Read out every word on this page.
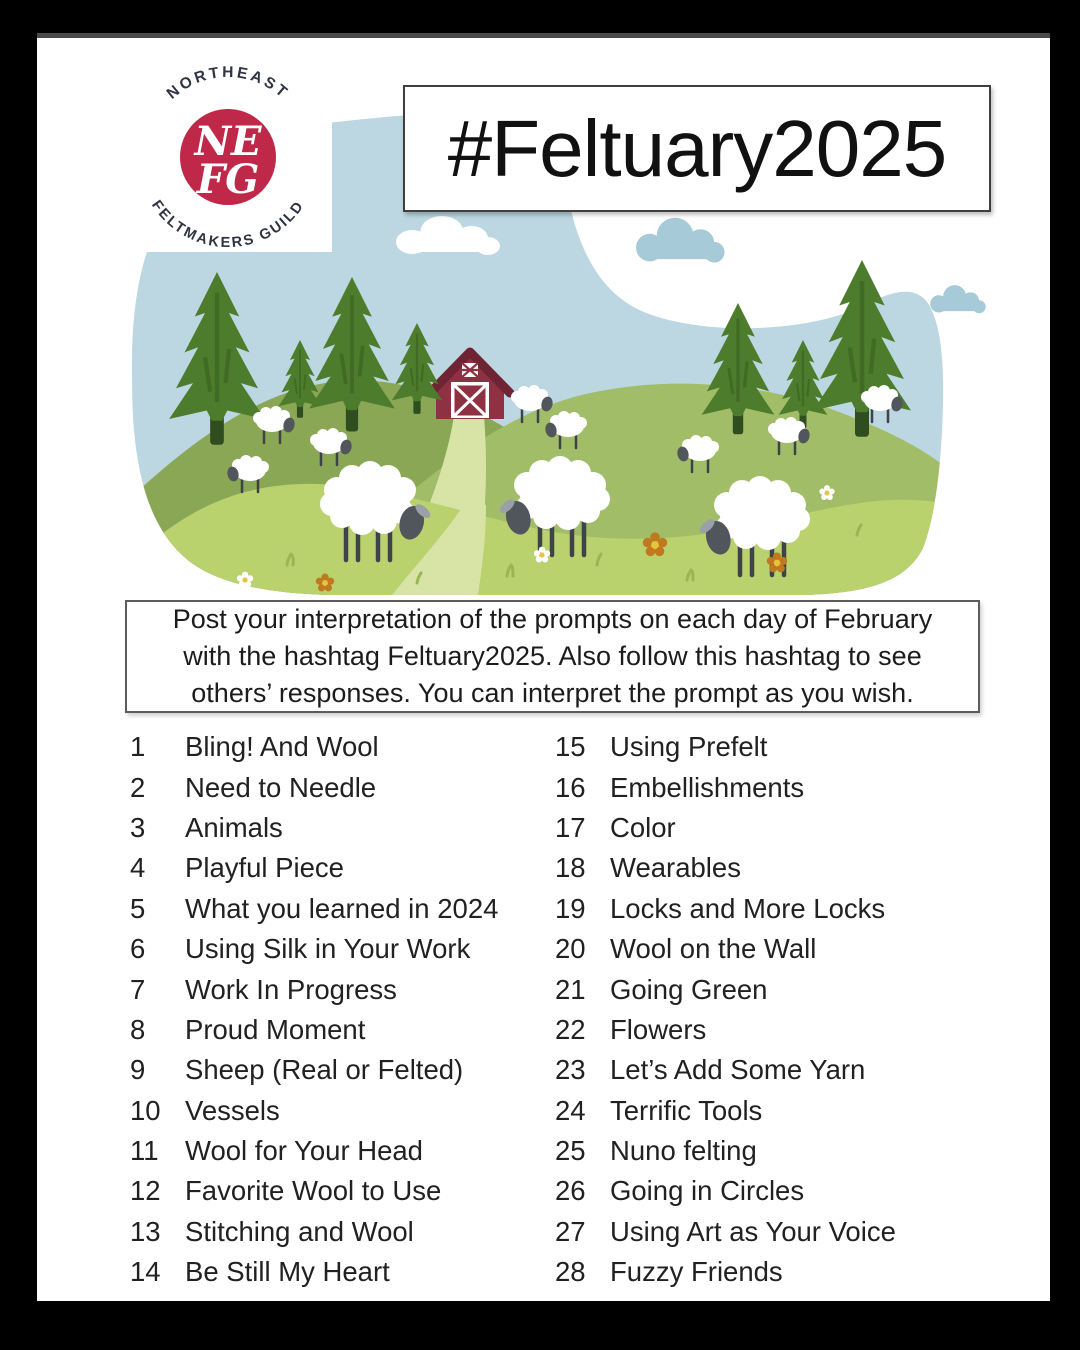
NORTHEAST
FELTMAKERS GUILD
NE
FG #Feltuary2025
Post your interpretation of the prompts on each day of February
with the hashtag Feltuary2025. Also follow this hashtag to see
others’ responses. You can interpret the prompt as you wish.
1	Bling! And Wool
2	Need to Needle
3	Animals
4	Playful Piece
5	What you learned in 2024
6	Using Silk in Your Work
7	Work In Progress
8	Proud Moment
9	Sheep (Real or Felted)
10 Vessels
11 Wool for Your Head
12 Favorite Wool to Use
13 Stitching and Wool
14 Be Still My Heart
15 Using Prefelt
16 Embellishments
17 Color
18 Wearables
19 Locks and More Locks
20 Wool on the Wall
21 Going Green
22 Flowers
23 Let’s Add Some Yarn
24 Terrific Tools
25 Nuno felting
26 Going in Circles
27 Using Art as Your Voice
28 Fuzzy Friends
